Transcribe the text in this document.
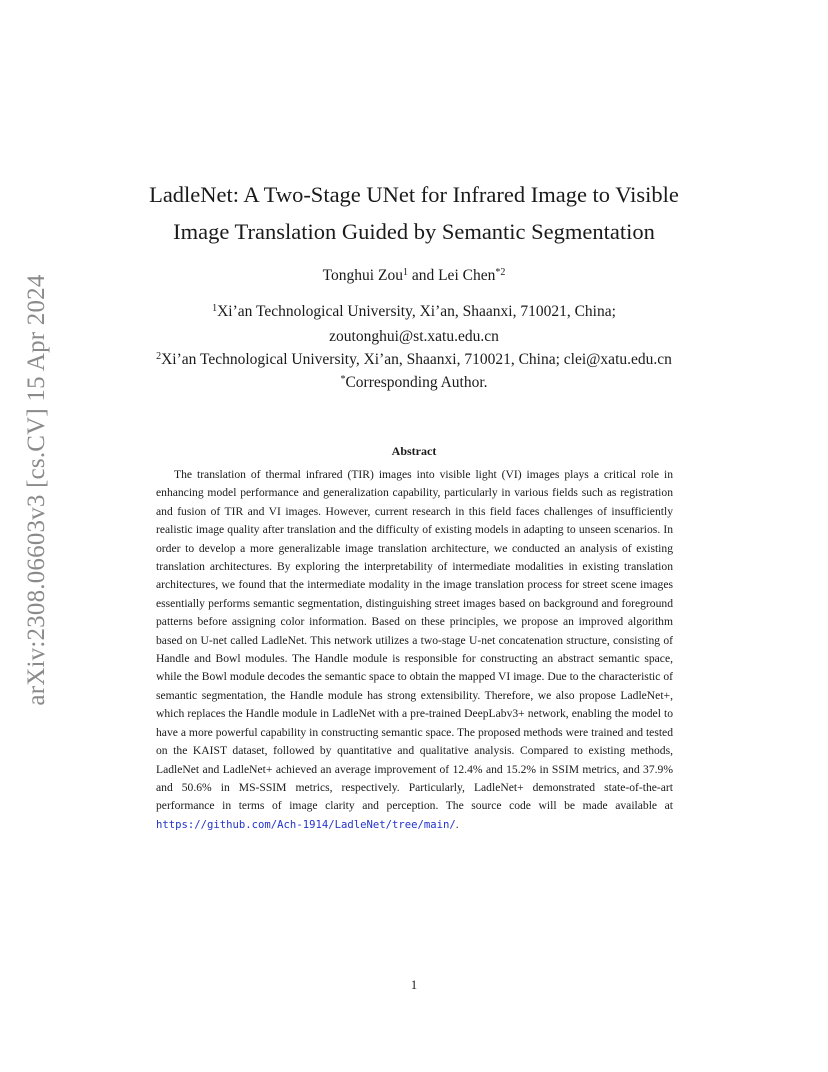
arXiv:2308.06603v3 [cs.CV] 15 Apr 2024
LadleNet: A Two-Stage UNet for Infrared Image to Visible
Image Translation Guided by Semantic Segmentation
Tonghui Zou$^1$ and Lei Chen$^{*2}$
$^1$Xi’an Technological University, Xi’an, Shaanxi, 710021, China;
zoutonghui@st.xatu.edu.cn
$^2$Xi’an Technological University, Xi’an, Shaanxi, 710021, China; clei@xatu.edu.cn
*Corresponding Author.
Abstract
The translation of thermal infrared (TIR) images into visible light (VI) images plays a critical role in enhancing model performance and generalization capability, particularly in various fields such as registration and fusion of TIR and VI images. However, current research in this field faces challenges of insufficiently realistic image quality after translation and the difficulty of existing models in adapting to unseen scenarios. In order to develop a more generalizable image translation architecture, we conducted an analysis of existing translation architectures. By exploring the interpretability of intermediate modalities in existing translation architectures, we found that the intermediate modality in the image translation process for street scene images essentially performs semantic segmentation, distinguishing street images based on background and foreground patterns before assigning color information. Based on these principles, we propose an improved algorithm based on U-net called LadleNet. This network utilizes a two-stage U-net concatenation structure, consisting of Handle and Bowl modules. The Handle module is responsible for constructing an abstract semantic space, while the Bowl module decodes the semantic space to obtain the mapped VI image. Due to the characteristic of semantic segmentation, the Handle module has strong extensibility. Therefore, we also propose LadleNet+, which replaces the Handle module in LadleNet with a pre-trained DeepLabv3+ network, enabling the model to have a more powerful capability in constructing semantic space. The proposed methods were trained and tested on the KAIST dataset, followed by quantitative and qualitative analysis. Compared to existing methods, LadleNet and LadleNet+ achieved an average improvement of 12.4% and 15.2% in SSIM metrics, and 37.9% and 50.6% in MS-SSIM metrics, respectively. Particularly, LadleNet+ demonstrated state-of-the-art performance in terms of image clarity and perception. The source code will be made available at https://github.com/Ach-1914/LadleNet/tree/main/.
1
